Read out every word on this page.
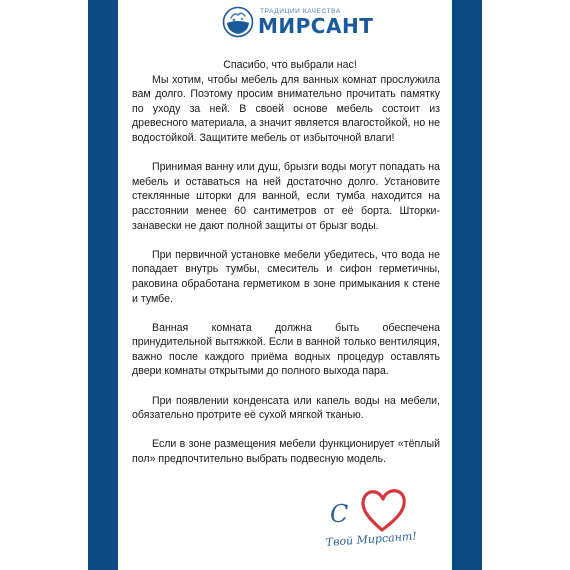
ТРАДИЦИИ КАЧЕСТВА
МИРСАНТ

Спасибо, что выбрали нас!

Мы хотим, чтобы мебель для ванных комнат прослужила вам долго. Поэтому просим внимательно прочитать памятку по уходу за ней. В своей основе мебель состоит из древесного материала, а значит является влагостойкой, но не водостойкой. Защитите мебель от избыточной влаги!

Принимая ванну или душ, брызги воды могут попадать на мебель и оставаться на ней достаточно долго. Установите стеклянные шторки для ванной, если тумба находится на расстоянии менее 60 сантиметров от её борта. Шторки-занавески не дают полной защиты от брызг воды.

При первичной установке мебели убедитесь, что вода не попадает внутрь тумбы, смеситель и сифон герметичны, раковина обработана герметиком в зоне примыкания к стене и тумбе.

Ванная комната должна быть обеспечена принудительной вытяжкой. Если в ванной только вентиляция, важно после каждого приёма водных процедур оставлять двери комнаты открытыми до полного выхода пара.

При появлении конденсата или капель воды на мебели, обязательно протрите её сухой мягкой тканью.

Если в зоне размещения мебели функционирует «тёплый пол» предпочтительно выбрать подвесную модель.

С
Твой Мирсант!
